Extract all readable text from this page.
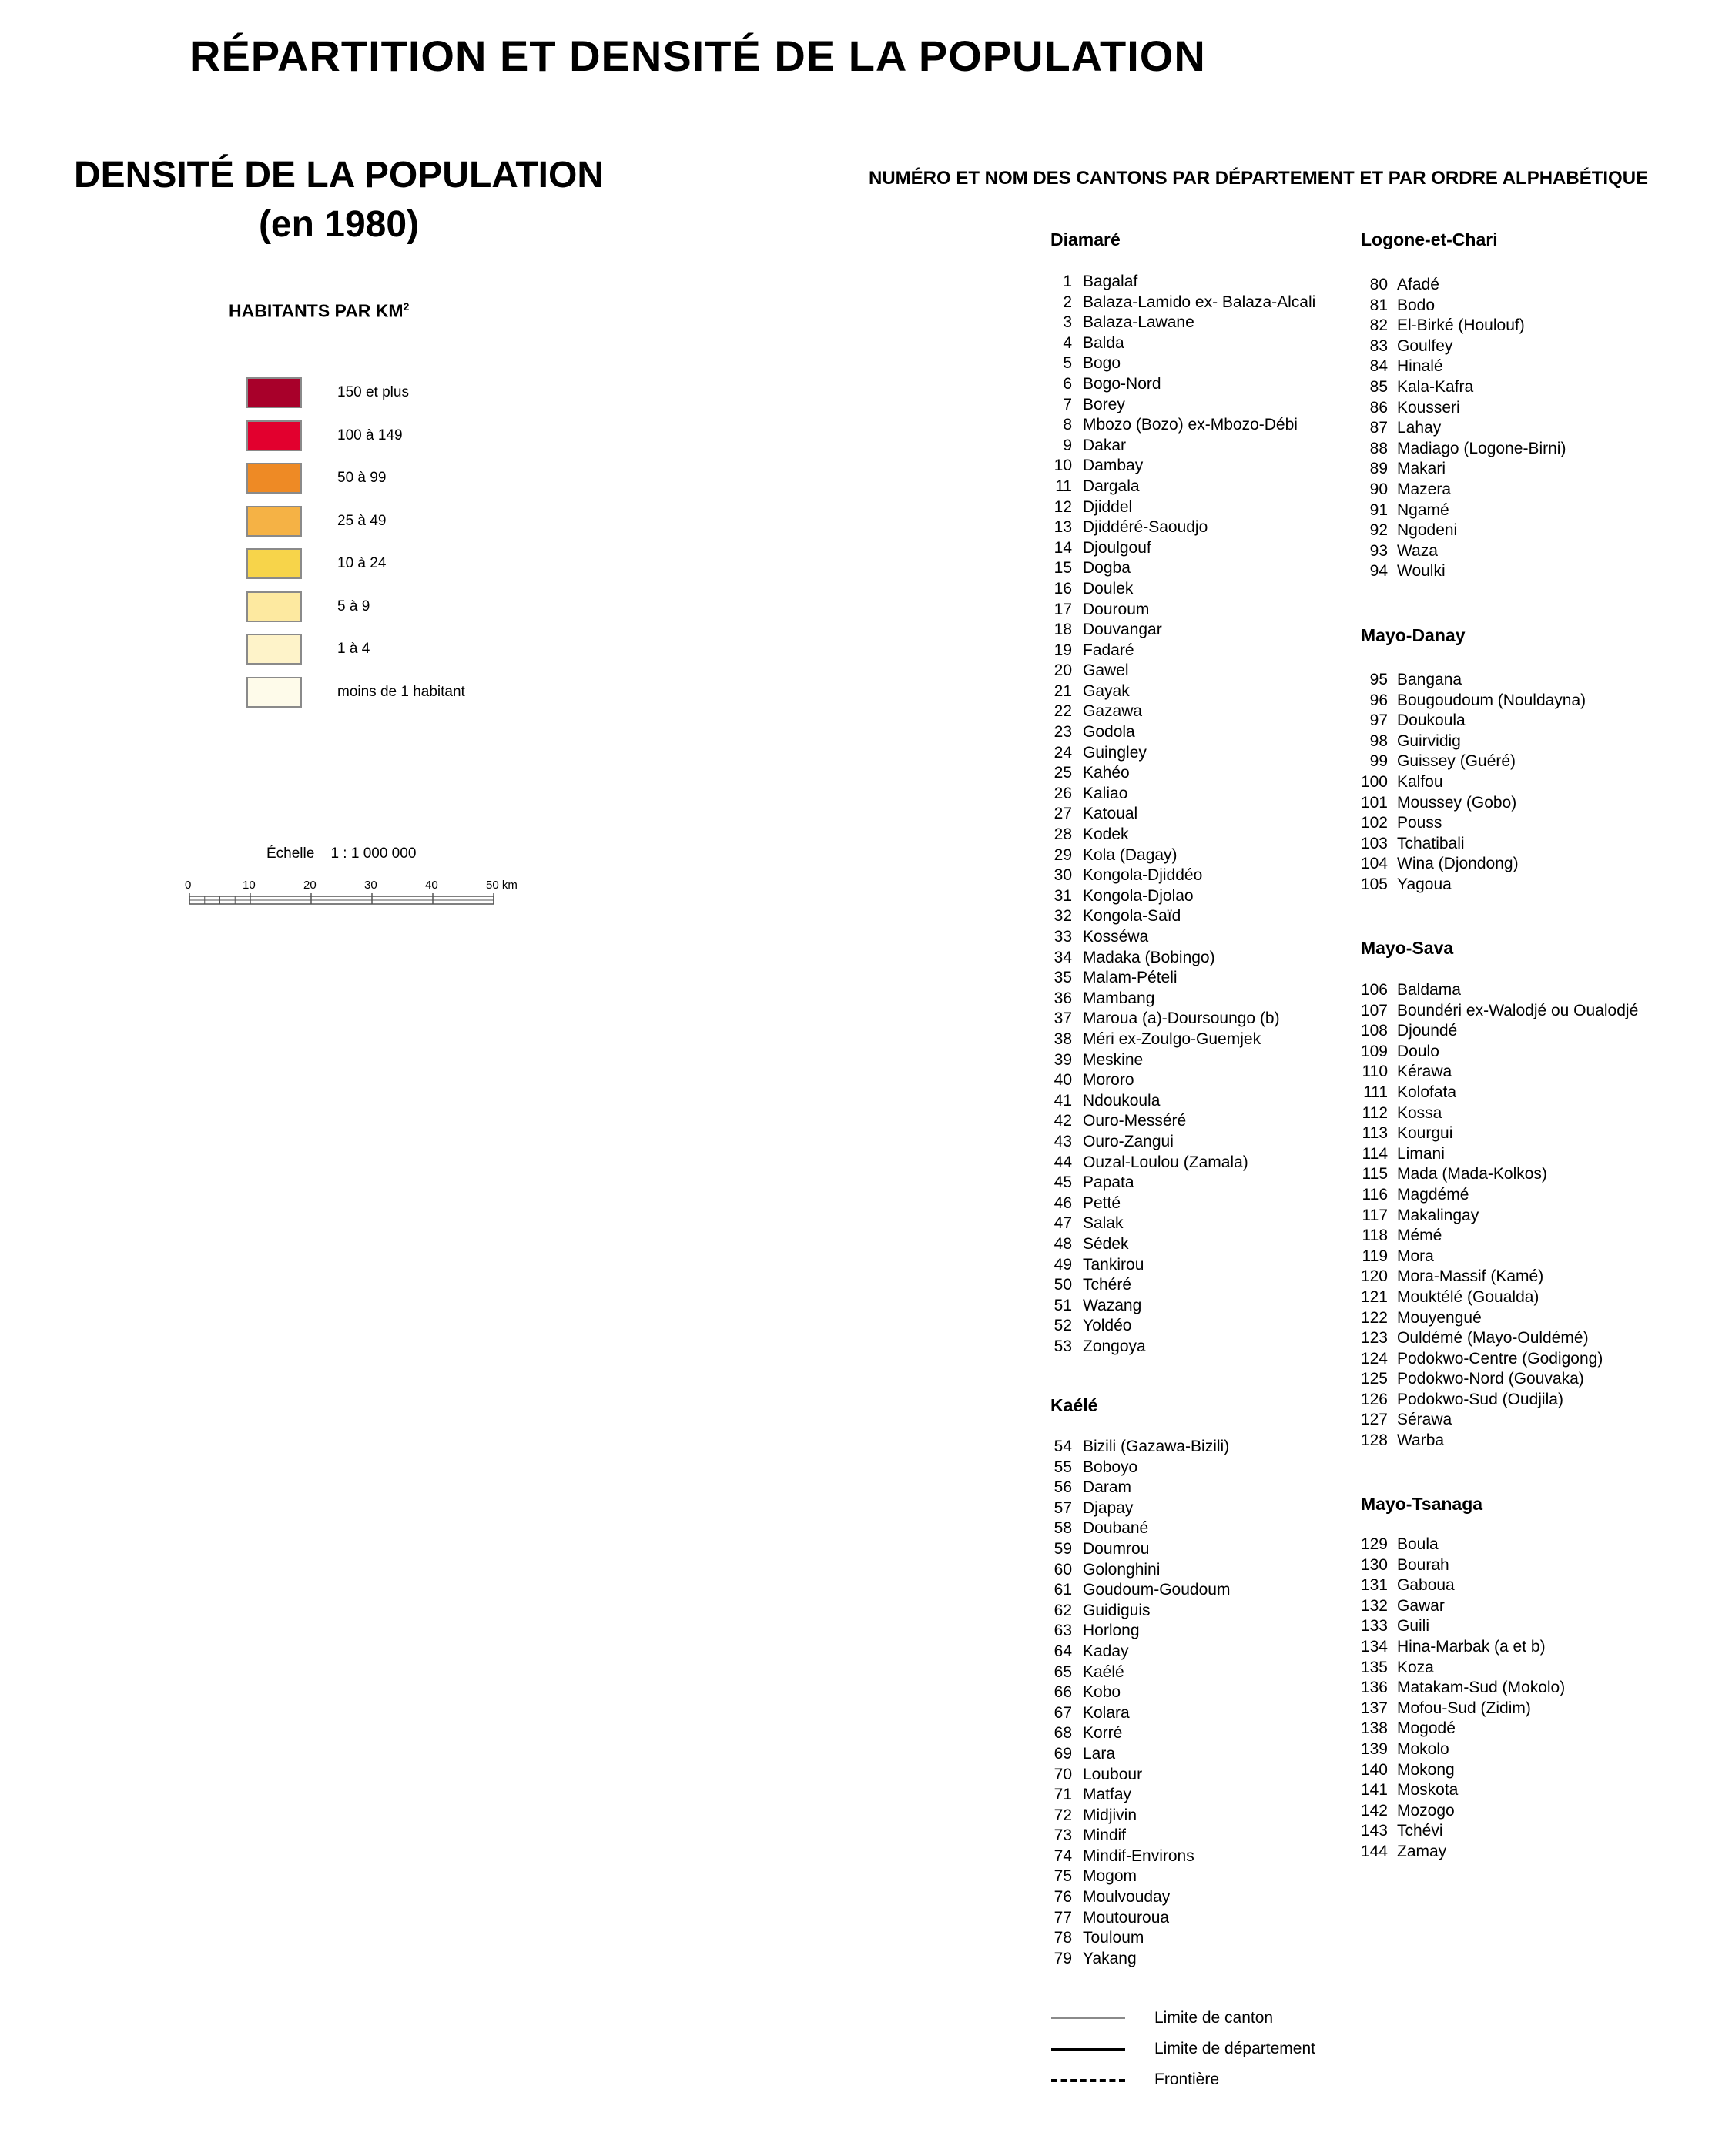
RÉPARTITION ET DENSITÉ DE LA POPULATION
DENSITÉ DE LA POPULATION
(en 1980)
HABITANTS PAR $KM^2$
150 et plus
100 à 149
50 à 99
25 à 49
10 à 24
5 à 9
1 à 4
moins de 1 habitant
Échelle 1 : 1 000 000
0	10	20	30	40	50 km
NUMÉRO ET NOM DES CANTONS PAR DÉPARTEMENT ET PAR ORDRE ALPHABÉTIQUE
Diamaré
1 Bagalaf
2 Balaza-Lamido ex- Balaza-Alcali
3 Balaza-Lawane
4 Balda
5 Bogo
6 Bogo-Nord
7 Borey
8 Mbozo (Bozo) ex-Mbozo-Débi
9 Dakar
10 Dambay
11 Dargala
12 Djiddel
13 Djiddéré-Saoudjo
14 Djoulgouf
15 Dogba
16 Doulek
17 Douroum
18 Douvangar
19 Fadaré
20 Gawel
21 Gayak
22 Gazawa
23 Godola
24 Guingley
25 Kahéo
26 Kaliao
27 Katoual
28 Kodek
29 Kola (Dagay)
30 Kongola-Djiddéo
31 Kongola-Djolao
32 Kongola-Saïd
33 Kosséwa
34 Madaka (Bobingo)
35 Malam-Pételi
36 Mambang
37 Maroua (a)-Doursoungo (b)
38 Méri ex-Zoulgo-Guemjek
39 Meskine
40 Mororo
41 Ndoukoula
42 Ouro-Messéré
43 Ouro-Zangui
44 Ouzal-Loulou (Zamala)
45 Papata
46 Petté
47 Salak
48 Sédek
49 Tankirou
50 Tchéré
51 Wazang
52 Yoldéo
53 Zongoya
Kaélé
54 Bizili (Gazawa-Bizili)
55 Boboyo
56 Daram
57 Djapay
58 Doubané
59 Doumrou
60 Golonghini
61 Goudoum-Goudoum
62 Guidiguis
63 Horlong
64 Kaday
65 Kaélé
66 Kobo
67 Kolara
68 Korré
69 Lara
70 Loubour
71 Matfay
72 Midjivin
73 Mindif
74 Mindif-Environs
75 Mogom
76 Moulvouday
77 Moutouroua
78 Touloum
79 Yakang
Logone-et-Chari
80 Afadé
81 Bodo
82 El-Birké (Houlouf)
83 Goulfey
84 Hinalé
85 Kala-Kafra
86 Kousseri
87 Lahay
88 Madiago (Logone-Birni)
89 Makari
90 Mazera
91 Ngamé
92 Ngodeni
93 Waza
94 Woulki
Mayo-Danay
95 Bangana
96 Bougoudoum (Nouldayna)
97 Doukoula
98 Guirvidig
99 Guissey (Guéré)
100 Kalfou
101 Moussey (Gobo)
102 Pouss
103 Tchatibali
104 Wina (Djondong)
105 Yagoua
Mayo-Sava
106 Baldama
107 Boundéri ex-Walodjé ou Oualodjé
108 Djoundé
109 Doulo
110 Kérawa
111 Kolofata
112 Kossa
113 Kourgui
114 Limani
115 Mada (Mada-Kolkos)
116 Magdémé
117 Makalingay
118 Mémé
119 Mora
120 Mora-Massif (Kamé)
121 Mouktélé (Goualda)
122 Mouyengué
123 Ouldémé (Mayo-Ouldémé)
124 Podokwo-Centre (Godigong)
125 Podokwo-Nord (Gouvaka)
126 Podokwo-Sud (Oudjila)
127 Sérawa
128 Warba
Mayo-Tsanaga
129 Boula
130 Bourah
131 Gaboua
132 Gawar
133 Guili
134 Hina-Marbak (a et b)
135 Koza
136 Matakam-Sud (Mokolo)
137 Mofou-Sud (Zidim)
138 Mogodé
139 Mokolo
140 Mokong
141 Moskota
142 Mozogo
143 Tchévi
144 Zamay
Limite de canton
Limite de département
Frontière
